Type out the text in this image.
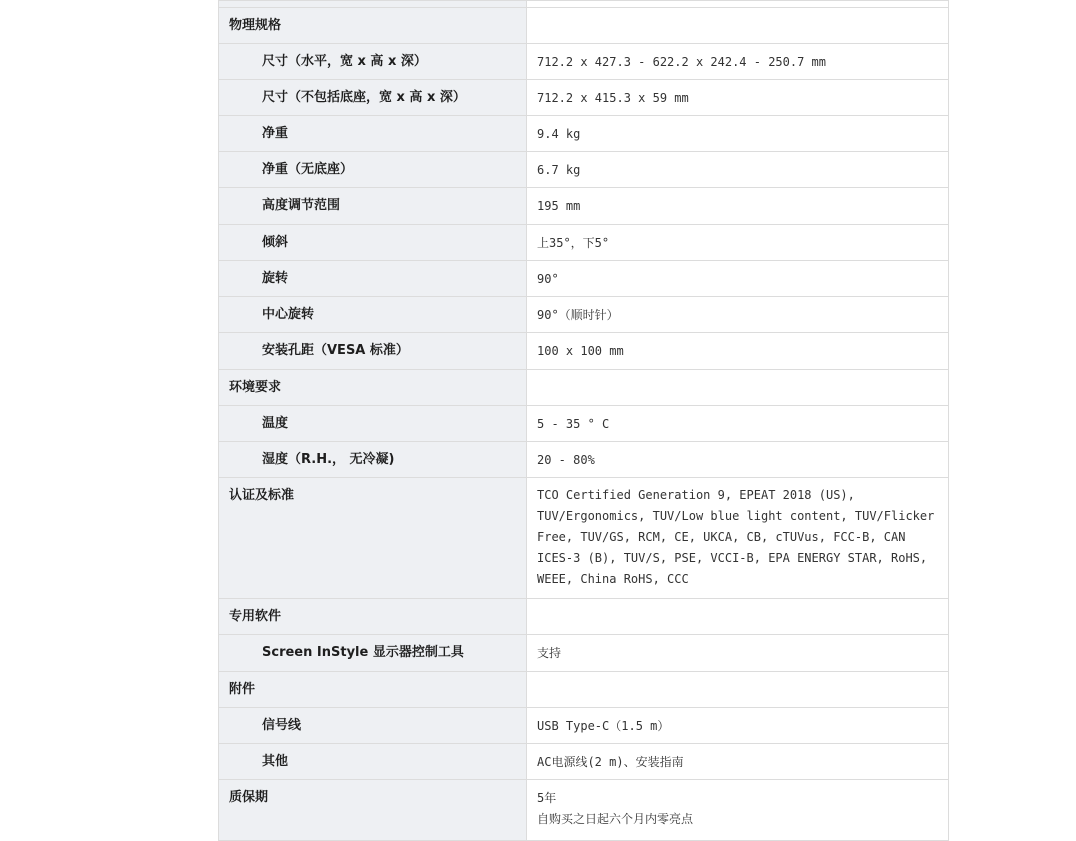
物理规格	

尺寸（水平，宽 x 高 x 深）	712.2 x 427.3 - 622.2 x 242.4 - 250.7 mm

尺寸（不包括底座，宽 x 高 x 深）	712.2 x 415.3 x 59 mm

净重	9.4 kg

净重（无底座）	6.7 kg

高度调节范围	195 mm

倾斜	上35°，下5°

旋转	90°

中心旋转	90°（顺时针）

安装孔距（VESA 标准）	100 x 100 mm

环境要求	

温度	5 - 35 ° C

湿度（R.H.， 无冷凝)	20 - 80%

认证及标准	TCO Certified Generation 9, EPEAT 2018 (US), TUV/Ergonomics, TUV/Low blue light content, TUV/Flicker Free, TUV/GS, RCM, CE, UKCA, CB, cTUVus, FCC-B, CAN ICES-3 (B), TUV/S, PSE, VCCI-B, EPA ENERGY STAR, RoHS, WEEE, China RoHS, CCC

专用软件	

Screen InStyle 显示器控制工具	支持

附件	

信号线	USB Type-C（1.5 m）

其他	AC电源线(2 m)、安装指南

质保期	5年
自购买之日起六个月内零亮点
